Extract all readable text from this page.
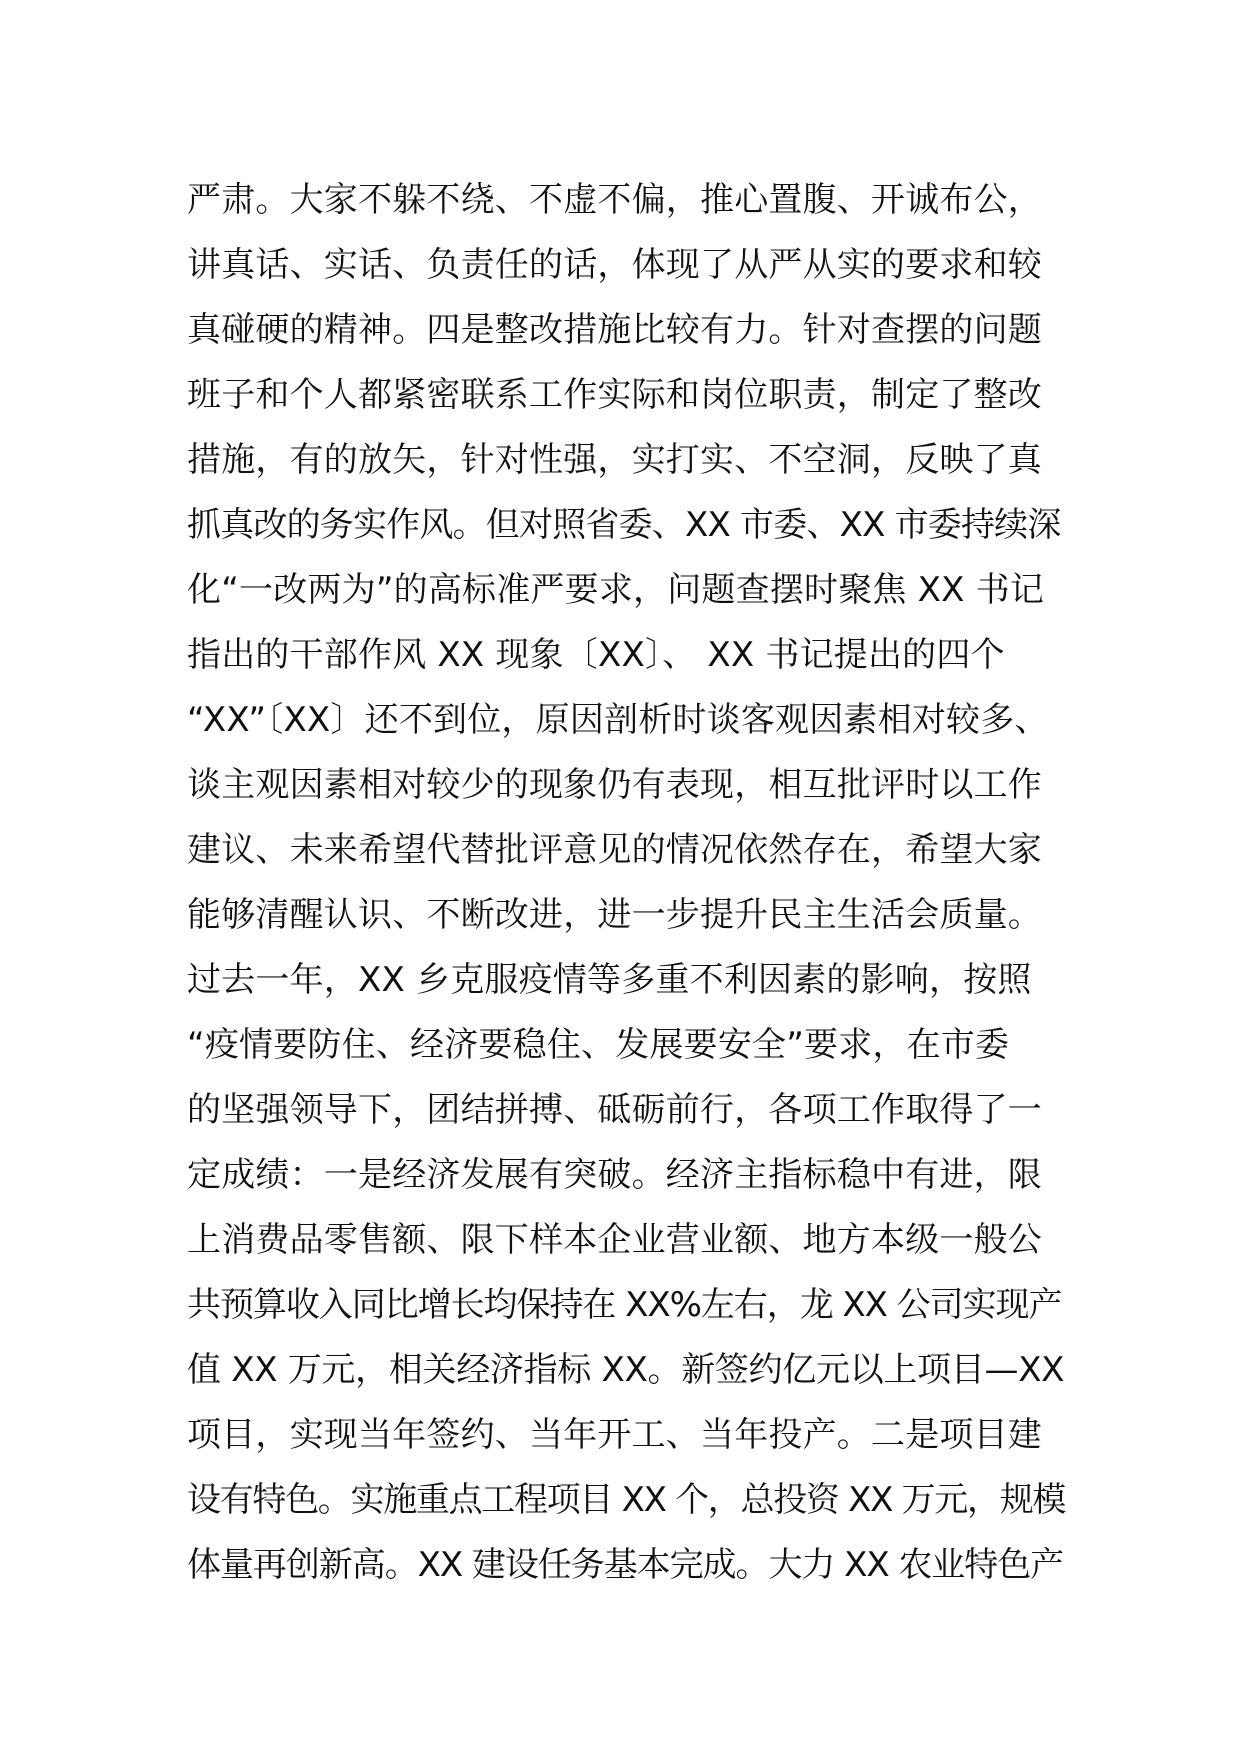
严肃。大家不躲不绕、不虚不偏，推心置腹、开诚布公，
讲真话、实话、负责任的话，体现了从严从实的要求和较
真碰硬的精神。四是整改措施比较有力。针对查摆的问题
班子和个人都紧密联系工作实际和岗位职责，制定了整改
措施，有的放矢，针对性强，实打实、不空洞，反映了真
抓真改的务实作风。但对照省委、XX 市委、XX 市委持续深
化“一改两为”的高标准严要求，问题查摆时聚焦 XX 书记
指出的干部作风 XX 现象〔XX〕、 XX 书记提出的四个
“XX”〔XX〕还不到位，原因剖析时谈客观因素相对较多、
谈主观因素相对较少的现象仍有表现，相互批评时以工作
建议、未来希望代替批评意见的情况依然存在，希望大家
能够清醒认识、不断改进，进一步提升民主生活会质量。
过去一年，XX 乡克服疫情等多重不利因素的影响，按照
“疫情要防住、经济要稳住、发展要安全”要求，在市委
的坚强领导下，团结拼搏、砥砺前行，各项工作取得了一
定成绩：一是经济发展有突破。经济主指标稳中有进，限
上消费品零售额、限下样本企业营业额、地方本级一般公
共预算收入同比增长均保持在 XX%左右，龙 XX 公司实现产
值 XX 万元，相关经济指标 XX。新签约亿元以上项目—XX
项目，实现当年签约、当年开工、当年投产。二是项目建
设有特色。实施重点工程项目 XX 个，总投资 XX 万元，规模
体量再创新高。XX 建设任务基本完成。大力 XX 农业特色产
